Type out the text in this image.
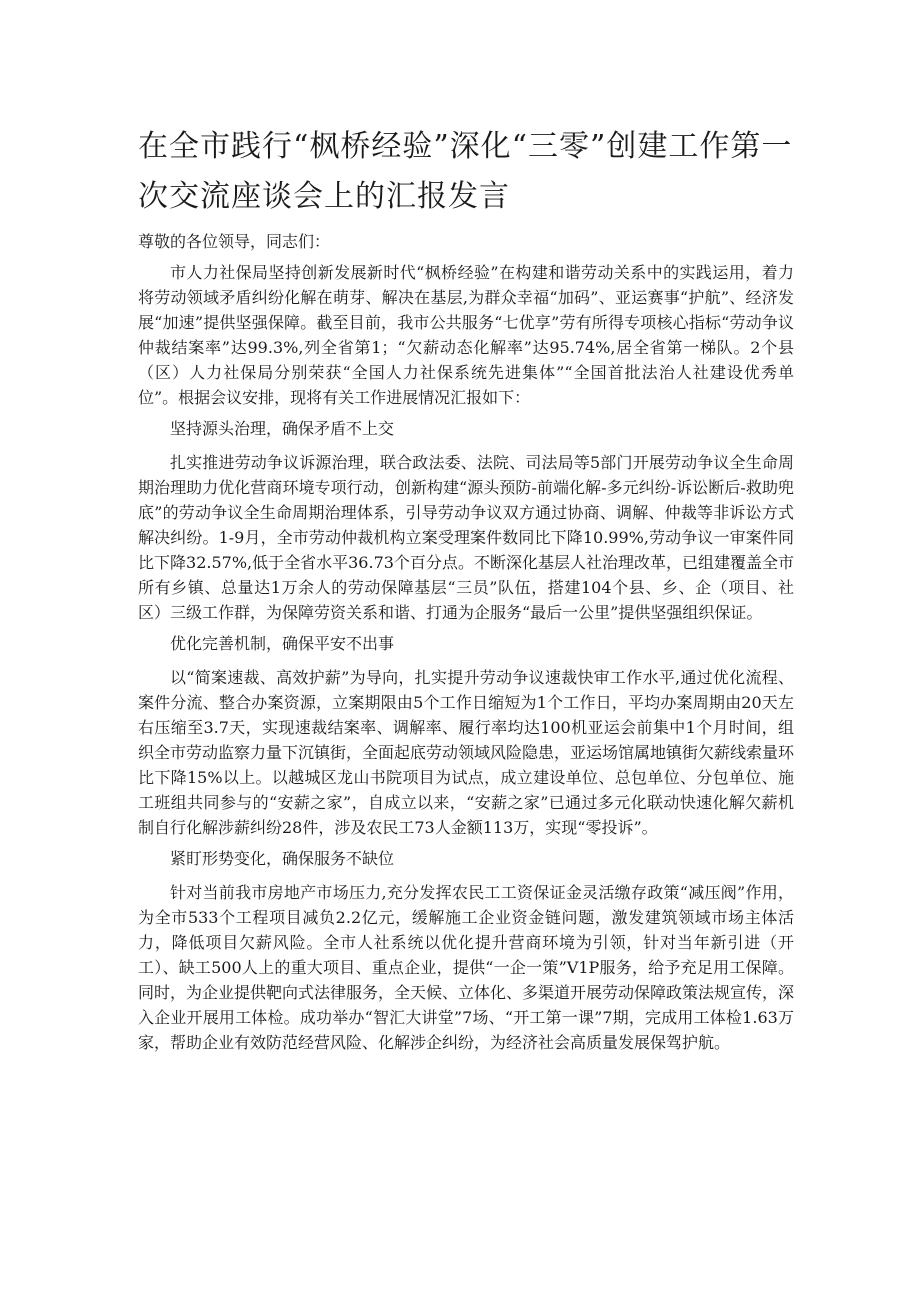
在全市践行“枫桥经验”深化“三零”创建工作第一次交流座谈会上的汇报发言

尊敬的各位领导，同志们：

市人力社保局坚持创新发展新时代“枫桥经验”在构建和谐劳动关系中的实践运用，着力将劳动领域矛盾纠纷化解在萌芽、解决在基层,为群众幸福“加码”、亚运赛事“护航”、经济发展“加速”提供坚强保障。截至目前，我市公共服务“七优享”劳有所得专项核心指标“劳动争议仲裁结案率”达99.3%,列全省第1；“欠薪动态化解率”达95.74%,居全省第一梯队。2个县（区）人力社保局分别荣获“全国人力社保系统先进集体”“全国首批法治人社建设优秀单位”。根据会议安排，现将有关工作进展情况汇报如下：

坚持源头治理，确保矛盾不上交

扎实推进劳动争议诉源治理，联合政法委、法院、司法局等5部门开展劳动争议全生命周期治理助力优化营商环境专项行动，创新构建“源头预防-前端化解-多元纠纷-诉讼断后-救助兜底”的劳动争议全生命周期治理体系，引导劳动争议双方通过协商、调解、仲裁等非诉讼方式解决纠纷。1-9月，全市劳动仲裁机构立案受理案件数同比下降10.99%,劳动争议一审案件同比下降32.57%,低于全省水平36.73个百分点。不断深化基层人社治理改革，已组建覆盖全市所有乡镇、总量达1万余人的劳动保障基层“三员”队伍，搭建104个县、乡、企（项目、社区）三级工作群，为保障劳资关系和谐、打通为企服务“最后一公里”提供坚强组织保证。

优化完善机制，确保平安不出事

以“简案速裁、高效护薪”为导向，扎实提升劳动争议速裁快审工作水平,通过优化流程、案件分流、整合办案资源，立案期限由5个工作日缩短为1个工作日，平均办案周期由20天左右压缩至3.7天，实现速裁结案率、调解率、履行率均达100机亚运会前集中1个月时间，组织全市劳动监察力量下沉镇街，全面起底劳动领域风险隐患，亚运场馆属地镇街欠薪线索量环比下降15%以上。以越城区龙山书院项目为试点，成立建设单位、总包单位、分包单位、施工班组共同参与的“安薪之家”，自成立以来，“安薪之家”已通过多元化联动快速化解欠薪机制自行化解涉薪纠纷28件，涉及农民工73人金额113万，实现“零投诉”。

紧盯形势变化，确保服务不缺位

针对当前我市房地产市场压力,充分发挥农民工工资保证金灵活缴存政策“减压阀”作用，为全市533个工程项目减负2.2亿元，缓解施工企业资金链问题，激发建筑领域市场主体活力，降低项目欠薪风险。全市人社系统以优化提升营商环境为引领，针对当年新引进（开工）、缺工500人上的重大项目、重点企业，提供“一企一策”V1P服务，给予充足用工保障。同时，为企业提供靶向式法律服务，全天候、立体化、多渠道开展劳动保障政策法规宣传，深入企业开展用工体检。成功举办“智汇大讲堂”7场、“开工第一课”7期，完成用工体检1.63万家，帮助企业有效防范经营风险、化解涉企纠纷，为经济社会高质量发展保驾护航。
